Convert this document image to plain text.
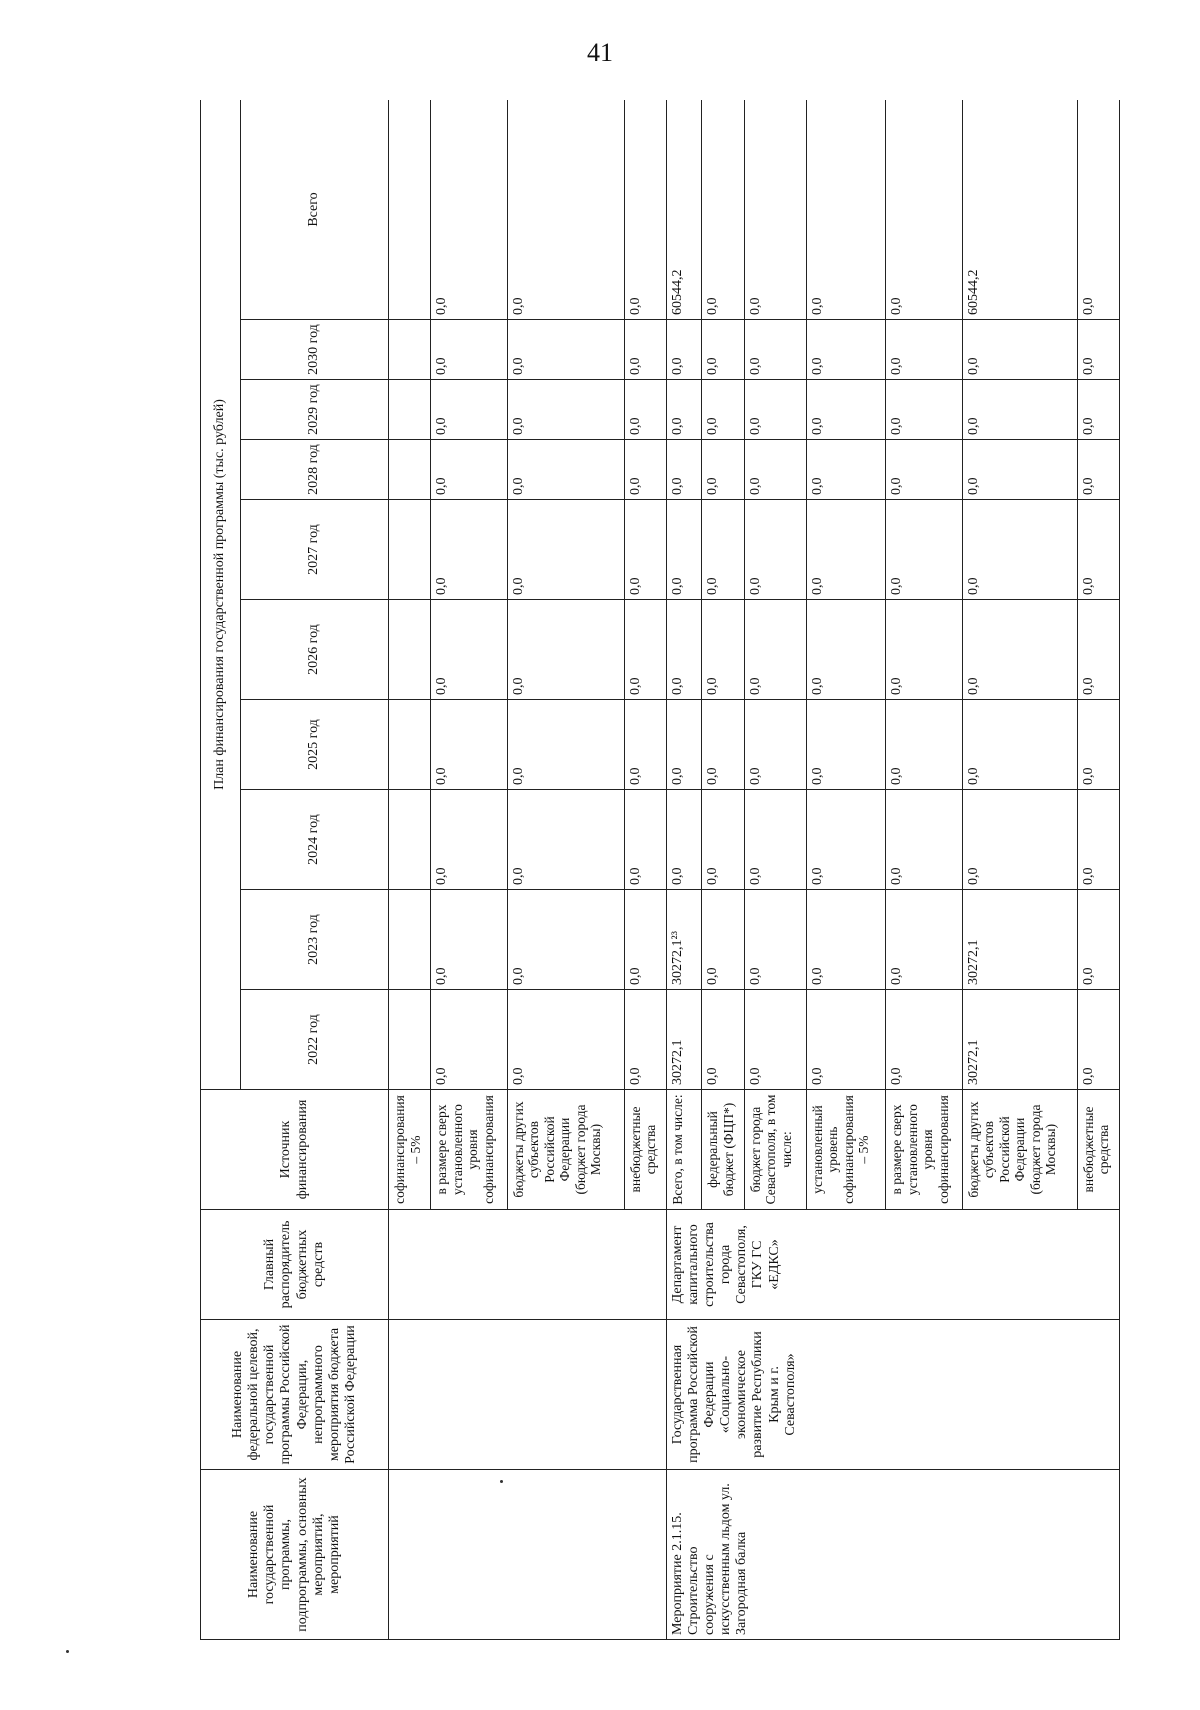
41
Наименование государственной программы, подпрограммы, основных мероприятий, мероприятий	Наименование федеральной целевой, государственной программы Российской Федерации, непрограммного мероприятия бюджета Российской Федерации	Главный распорядитель бюджетных средств	Источник финансирования	План финансирования государственной программы (тыс. рублей)									
				2022 год	2023 год	2024 год	2025 год	2026 год	2027 год	2028 год	2029 год	2030 год	Всего
			софинансирования – 5%										
			в размере сверх установленного уровня софинансирования	0,0	0,0	0,0	0,0	0,0	0,0	0,0	0,0	0,0	0,0
			бюджеты других субъектов Российской Федерации (бюджет города Москвы)	0,0	0,0	0,0	0,0	0,0	0,0	0,0	0,0	0,0	0,0
			внебюджетные средства	0,0	0,0	0,0	0,0	0,0	0,0	0,0	0,0	0,0	0,0
Мероприятие 2.1.15. Строительство сооружения с искусственным льдом ул. Загородная балка	Государственная программа Российской Федерации «Социально-экономическое развитие Республики Крым и г. Севастополя»	Департамент капитального строительства города Севастополя, ГКУ ГС «ЕДКС»	Всего, в том числе:	30272,1	30272,1²³	0,0	0,0	0,0	0,0	0,0	0,0	0,0	60544,2
			федеральный бюджет (ФЦП*)	0,0	0,0	0,0	0,0	0,0	0,0	0,0	0,0	0,0	0,0
			бюджет города Севастополя, в том числе:	0,0	0,0	0,0	0,0	0,0	0,0	0,0	0,0	0,0	0,0
			установленный уровень софинансирования – 5%	0,0	0,0	0,0	0,0	0,0	0,0	0,0	0,0	0,0	0,0
			в размере сверх установленного уровня софинансирования	0,0	0,0	0,0	0,0	0,0	0,0	0,0	0,0	0,0	0,0
			бюджеты других субъектов Российской Федерации (бюджет города Москвы)	30272,1	30272,1	0,0	0,0	0,0	0,0	0,0	0,0	0,0	60544,2
			внебюджетные средства	0,0	0,0	0,0	0,0	0,0	0,0	0,0	0,0	0,0	0,0
